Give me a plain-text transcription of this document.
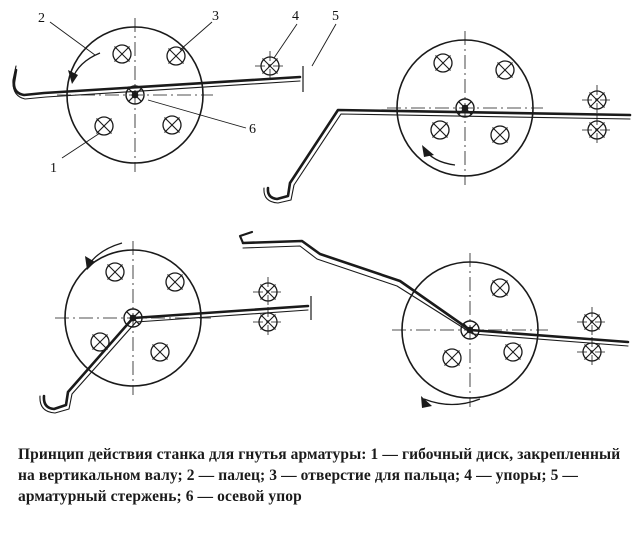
2	3	4 5
6
1
Принцип действия станка для гнутья арматуры: 1 — гибочный диск, закрепленный на вертикальном валу; 2 — палец; 3 — отверстие для пальца; 4 — упоры; 5 — арматурный стержень; 6 — осевой упор
